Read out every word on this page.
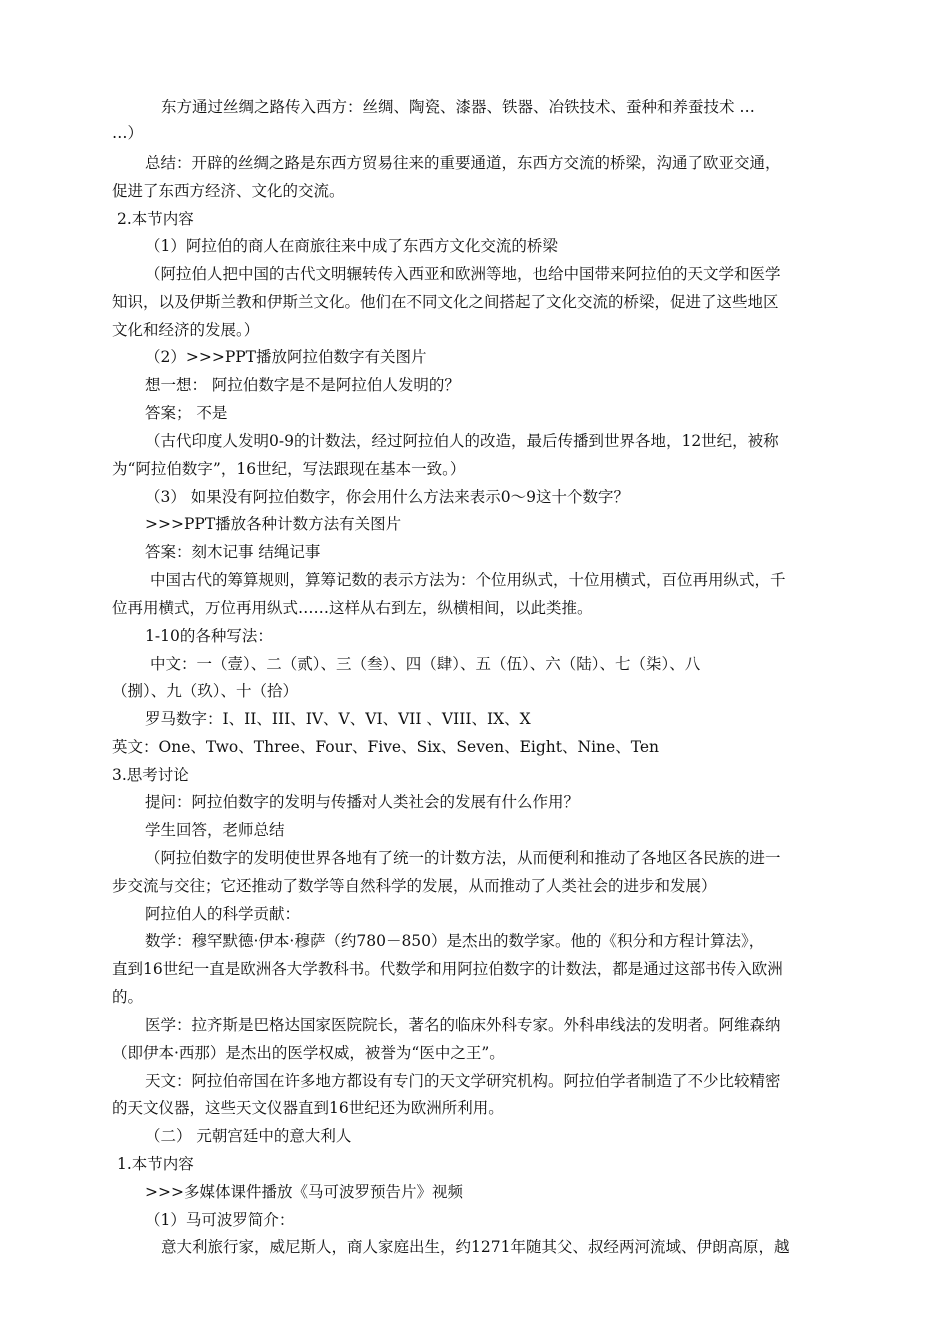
东方通过丝绸之路传入西方：丝绸、陶瓷、漆器、铁器、冶铁技术、蚕种和养蚕技术 …
…）
总结：开辟的丝绸之路是东西方贸易往来的重要通道，东西方交流的桥梁，沟通了欧亚交通，
促进了东西方经济、文化的交流。
2.本节内容
（1）阿拉伯的商人在商旅往来中成了东西方文化交流的桥梁
（阿拉伯人把中国的古代文明辗转传入西亚和欧洲等地，也给中国带来阿拉伯的天文学和医学
知识，以及伊斯兰教和伊斯兰文化。他们在不同文化之间搭起了文化交流的桥梁，促进了这些地区
文化和经济的发展。）
（2）>>>PPT播放阿拉伯数字有关图片
想一想： 阿拉伯数字是不是阿拉伯人发明的？
答案； 不是
（古代印度人发明0-9的计数法，经过阿拉伯人的改造，最后传播到世界各地，12世纪，被称
为“阿拉伯数字”，16世纪，写法跟现在基本一致。）
（3） 如果没有阿拉伯数字，你会用什么方法来表示0～9这十个数字？
>>>PPT播放各种计数方法有关图片
答案：刻木记事 结绳记事
中国古代的筹算规则，算筹记数的表示方法为：个位用纵式，十位用横式，百位再用纵式，千
位再用横式，万位再用纵式……这样从右到左，纵横相间，以此类推。
1-10的各种写法：
中文：一（壹）、二（贰）、三（叁）、四（肆）、五（伍）、六（陆）、七（柒）、八
（捌）、九（玖）、十（拾）
罗马数字：I、II、III、IV、V、VI、VII 、VIII、IX、X
英文：One、Two、Three、Four、Five、Six、Seven、Eight、Nine、Ten
3.思考讨论
提问：阿拉伯数字的发明与传播对人类社会的发展有什么作用？
学生回答，老师总结
（阿拉伯数字的发明使世界各地有了统一的计数方法，从而便利和推动了各地区各民族的进一
步交流与交往；它还推动了数学等自然科学的发展，从而推动了人类社会的进步和发展）
阿拉伯人的科学贡献：
数学：穆罕默德·伊本·穆萨（约780－850）是杰出的数学家。他的《积分和方程计算法》，
直到16世纪一直是欧洲各大学教科书。代数学和用阿拉伯数字的计数法，都是通过这部书传入欧洲
的。
医学：拉齐斯是巴格达国家医院院长，著名的临床外科专家。外科串线法的发明者。阿维森纳
（即伊本·西那）是杰出的医学权威，被誉为“医中之王”。
天文：阿拉伯帝国在许多地方都设有专门的天文学研究机构。阿拉伯学者制造了不少比较精密
的天文仪器，这些天文仪器直到16世纪还为欧洲所利用。
（二） 元朝宫廷中的意大利人
1.本节内容
>>>多媒体课件播放《马可波罗预告片》视频
（1）马可波罗简介：
意大利旅行家，威尼斯人，商人家庭出生，约1271年随其父、叔经两河流域、伊朗高原，越
